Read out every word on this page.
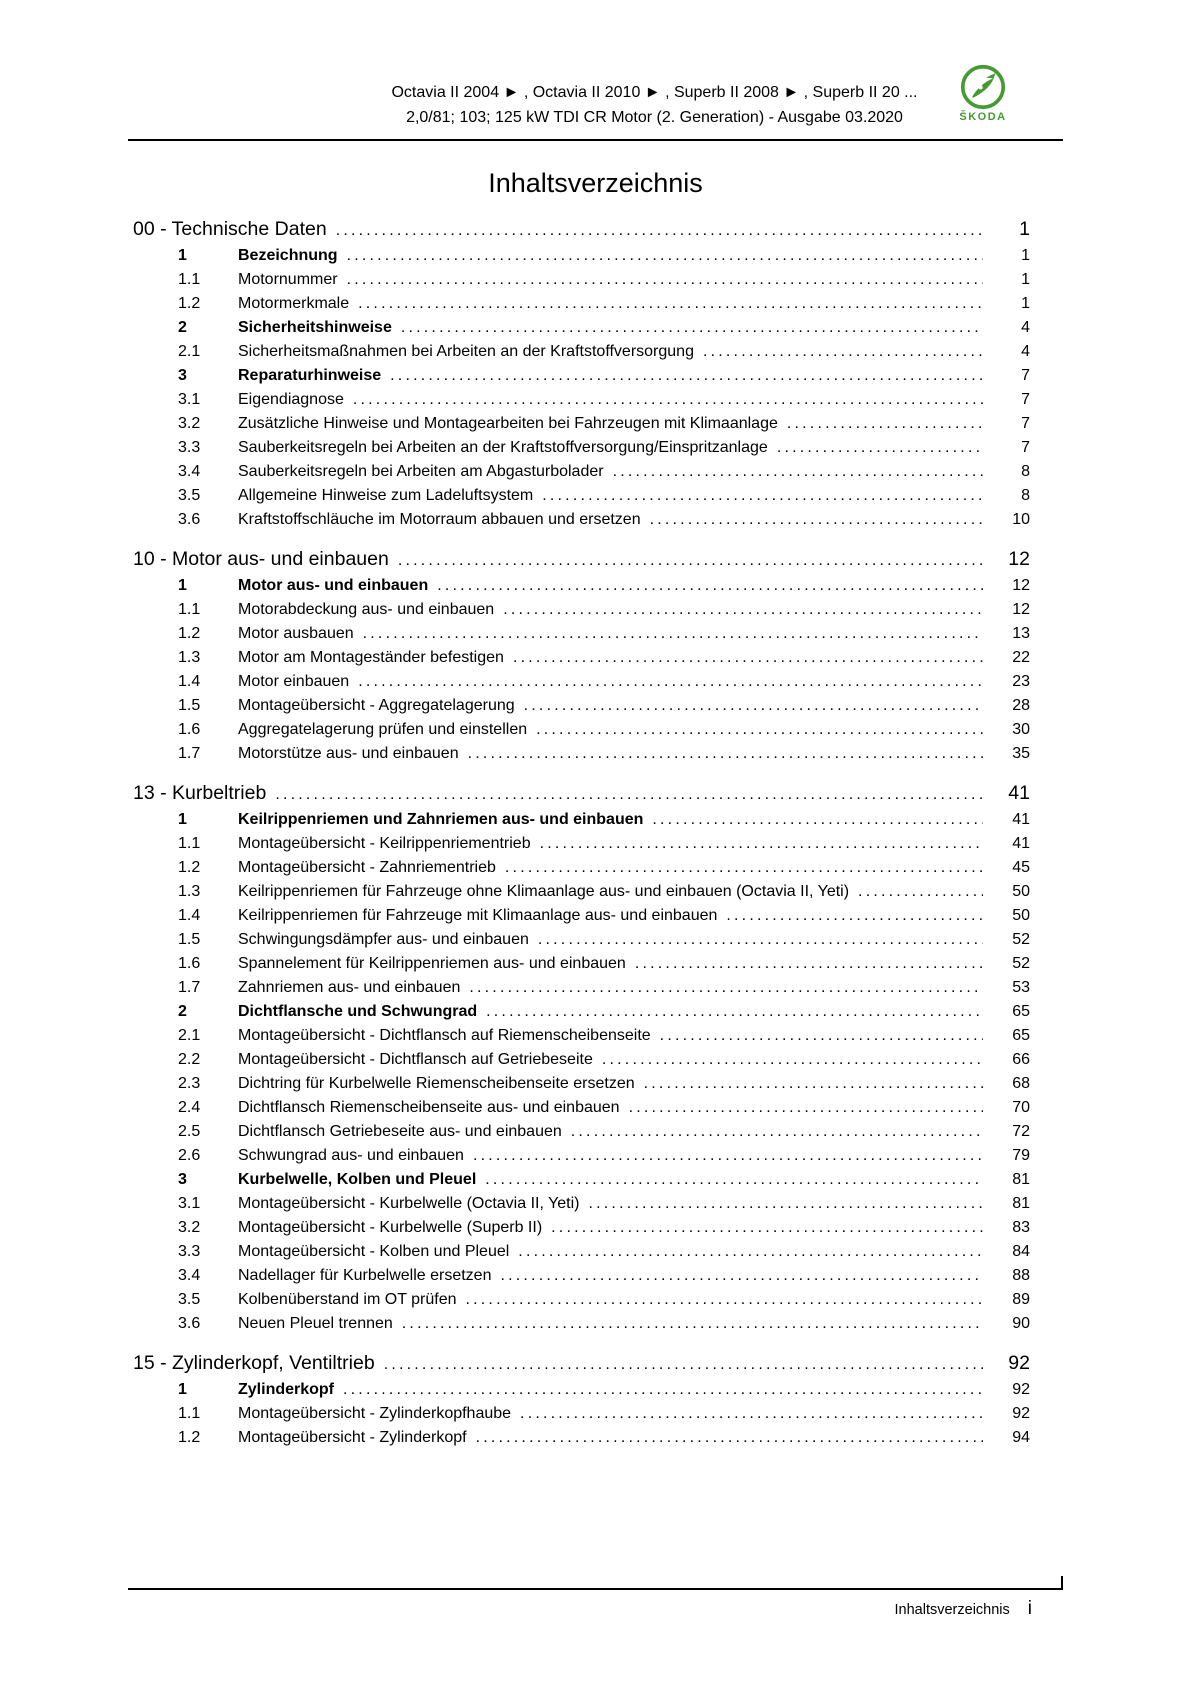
Octavia II 2004 ► , Octavia II 2010 ► , Superb II 2008 ► , Superb II 20 ...
2,0/81; 103; 125 kW TDI CR Motor (2. Generation) - Ausgabe 03.2020	ŠKODA
Inhaltsverzeichnis
00 - Technische Daten .....	1
1	Bezeichnung .....	1
1.1	Motornummer .....	1
1.2	Motormerkmale .....	1
2	Sicherheitshinweise .....	4
2.1	Sicherheitsmaßnahmen bei Arbeiten an der Kraftstoffversorgung .....	4
3	Reparaturhinweise .....	7
3.1	Eigendiagnose .....	7
3.2	Zusätzliche Hinweise und Montagearbeiten bei Fahrzeugen mit Klimaanlage .....	7
3.3	Sauberkeitsregeln bei Arbeiten an der Kraftstoffversorgung/Einspritzanlage .....	7
3.4	Sauberkeitsregeln bei Arbeiten am Abgasturbolader .....	8
3.5	Allgemeine Hinweise zum Ladeluftsystem .....	8
3.6	Kraftstoffschläuche im Motorraum abbauen und ersetzen .....	10
10 - Motor aus- und einbauen .....	12
1	Motor aus- und einbauen .....	12
1.1	Motorabdeckung aus- und einbauen .....	12
1.2	Motor ausbauen .....	13
1.3	Motor am Montageständer befestigen .....	22
1.4	Motor einbauen .....	23
1.5	Montageübersicht - Aggregatelagerung .....	28
1.6	Aggregatelagerung prüfen und einstellen .....	30
1.7	Motorstütze aus- und einbauen .....	35
13 - Kurbeltrieb .....	41
1	Keilrippenriemen und Zahnriemen aus- und einbauen .....	41
1.1	Montageübersicht - Keilrippenriementrieb .....	41
1.2	Montageübersicht - Zahnriementrieb .....	45
1.3	Keilrippenriemen für Fahrzeuge ohne Klimaanlage aus- und einbauen (Octavia II, Yeti) .....	50
1.4	Keilrippenriemen für Fahrzeuge mit Klimaanlage aus- und einbauen .....	50
1.5	Schwingungsdämpfer aus- und einbauen .....	52
1.6	Spannelement für Keilrippenriemen aus- und einbauen .....	52
1.7	Zahnriemen aus- und einbauen .....	53
2	Dichtflansche und Schwungrad .....	65
2.1	Montageübersicht - Dichtflansch auf Riemenscheibenseite .....	65
2.2	Montageübersicht - Dichtflansch auf Getriebeseite .....	66
2.3	Dichtring für Kurbelwelle Riemenscheibenseite ersetzen .....	68
2.4	Dichtflansch Riemenscheibenseite aus- und einbauen .....	70
2.5	Dichtflansch Getriebeseite aus- und einbauen .....	72
2.6	Schwungrad aus- und einbauen .....	79
3	Kurbelwelle, Kolben und Pleuel .....	81
3.1	Montageübersicht - Kurbelwelle (Octavia II, Yeti) .....	81
3.2	Montageübersicht - Kurbelwelle (Superb II) .....	83
3.3	Montageübersicht - Kolben und Pleuel .....	84
3.4	Nadellager für Kurbelwelle ersetzen .....	88
3.5	Kolbenüberstand im OT prüfen .....	89
3.6	Neuen Pleuel trennen .....	90
15 - Zylinderkopf, Ventiltrieb .....	92
1	Zylinderkopf .....	92
1.1	Montageübersicht - Zylinderkopfhaube .....	92
1.2	Montageübersicht - Zylinderkopf .....	94
Inhaltsverzeichnis i
